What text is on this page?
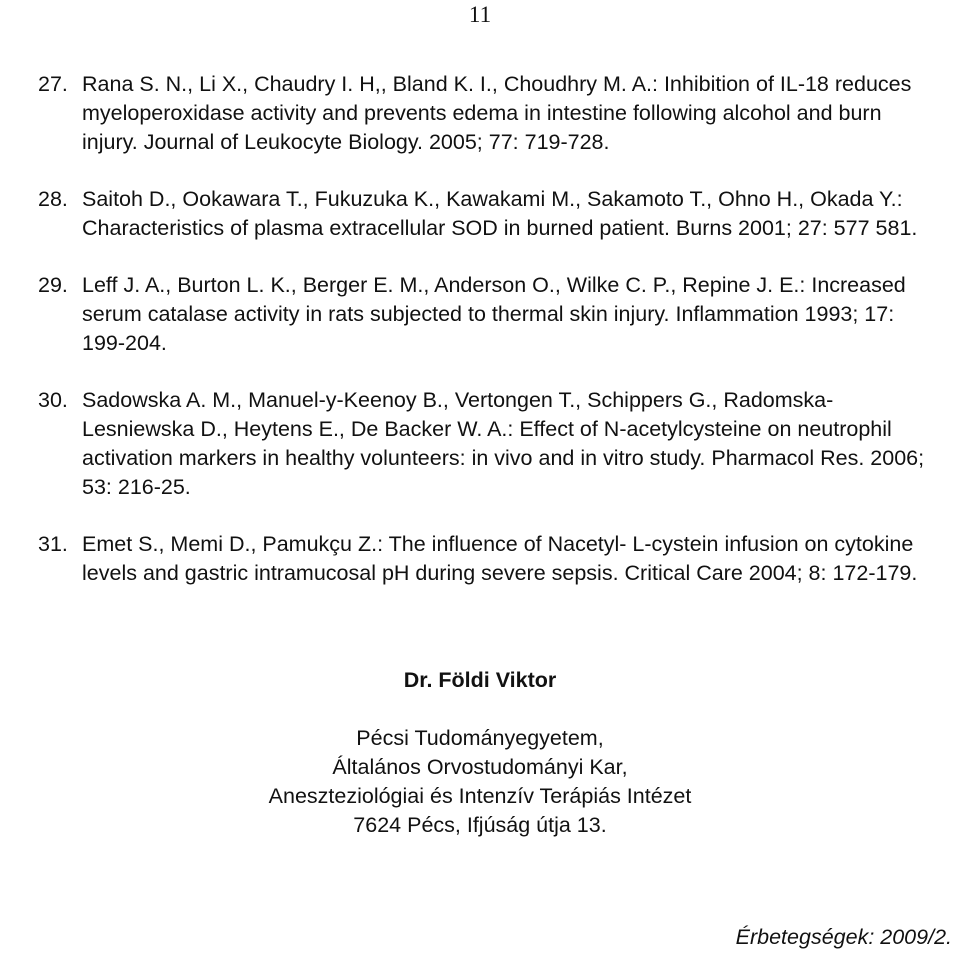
11
27. Rana S. N., Li X., Chaudry I. H,, Bland K. I., Choudhry M. A.: Inhibition of IL-18 reduces myeloperoxidase activity and prevents edema in intestine following alcohol and burn injury. Journal of Leukocyte Biology. 2005; 77: 719-728.
28. Saitoh D., Ookawara T., Fukuzuka K., Kawakami M., Sakamoto T., Ohno H., Okada Y.: Characteristics of plasma extracellular SOD in burned patient. Burns 2001; 27: 577 581.
29. Leff J. A., Burton L. K., Berger E. M., Anderson O., Wilke C. P., Repine J. E.: Increased serum catalase activity in rats subjected to thermal skin injury. Inflammation 1993; 17: 199-204.
30. Sadowska A. M., Manuel-y-Keenoy B., Vertongen T., Schippers G., Radomska-Lesniewska D., Heytens E., De Backer W. A.: Effect of N-acetylcysteine on neutrophil activation markers in healthy volunteers: in vivo and in vitro study. Pharmacol Res. 2006; 53: 216-25.
31. Emet S., Memi D., Pamukçu Z.: The influence of Nacetyl- L-cystein infusion on cytokine levels and gastric intramucosal pH during severe sepsis. Critical Care 2004; 8: 172-179.
Dr. Földi Viktor
Pécsi Tudományegyetem,
Általános Orvostudományi Kar,
Aneszteziológiai és Intenzív Terápiás Intézet
7624 Pécs, Ifjúság útja 13.
Érbetegségek: 2009/2.
